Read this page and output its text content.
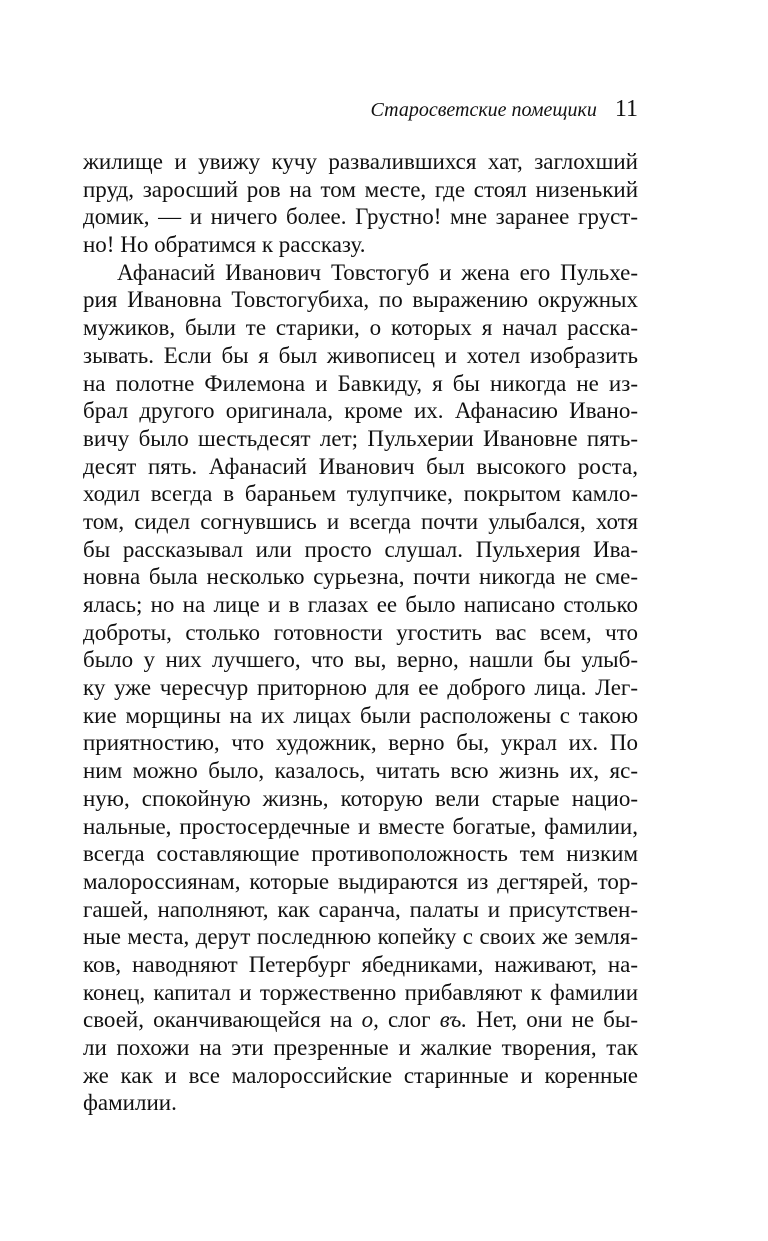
Старосветские помещики 11
жилище и увижу кучу развалившихся хат, заглохший
пруд, заросший ров на том месте, где стоял низенький
домик, — и ничего более. Грустно! мне заранее груст-
но! Но обратимся к рассказу.
Афанасий Иванович Товстогуб и жена его Пульхе-
рия Ивановна Товстогубиха, по выражению окружных
мужиков, были те старики, о которых я начал расска-
зывать. Если бы я был живописец и хотел изобразить
на полотне Филемона и Бавкиду, я бы никогда не из-
брал другого оригинала, кроме их. Афанасию Ивано-
вичу было шестьдесят лет; Пульхерии Ивановне пять-
десят пять. Афанасий Иванович был высокого роста,
ходил всегда в бараньем тулупчике, покрытом камло-
том, сидел согнувшись и всегда почти улыбался, хотя
бы рассказывал или просто слушал. Пульхерия Ива-
новна была несколько сурьезна, почти никогда не сме-
ялась; но на лице и в глазах ее было написано столько
доброты, столько готовности угостить вас всем, что
было у них лучшего, что вы, верно, нашли бы улыб-
ку уже чересчур приторною для ее доброго лица. Лег-
кие морщины на их лицах были расположены с такою
приятностию, что художник, верно бы, украл их. По
ним можно было, казалось, читать всю жизнь их, яс-
ную, спокойную жизнь, которую вели старые нацио-
нальные, простосердечные и вместе богатые, фамилии,
всегда составляющие противоположность тем низким
малороссиянам, которые выдираются из дегтярей, тор-
гашей, наполняют, как саранча, палаты и присутствен-
ные места, дерут последнюю копейку с своих же земля-
ков, наводняют Петербург ябедниками, наживают, на-
конец, капитал и торжественно прибавляют к фамилии
своей, оканчивающейся на о, слог въ. Нет, они не бы-
ли похожи на эти презренные и жалкие творения, так
же как и все малороссийские старинные и коренные
фамилии.
